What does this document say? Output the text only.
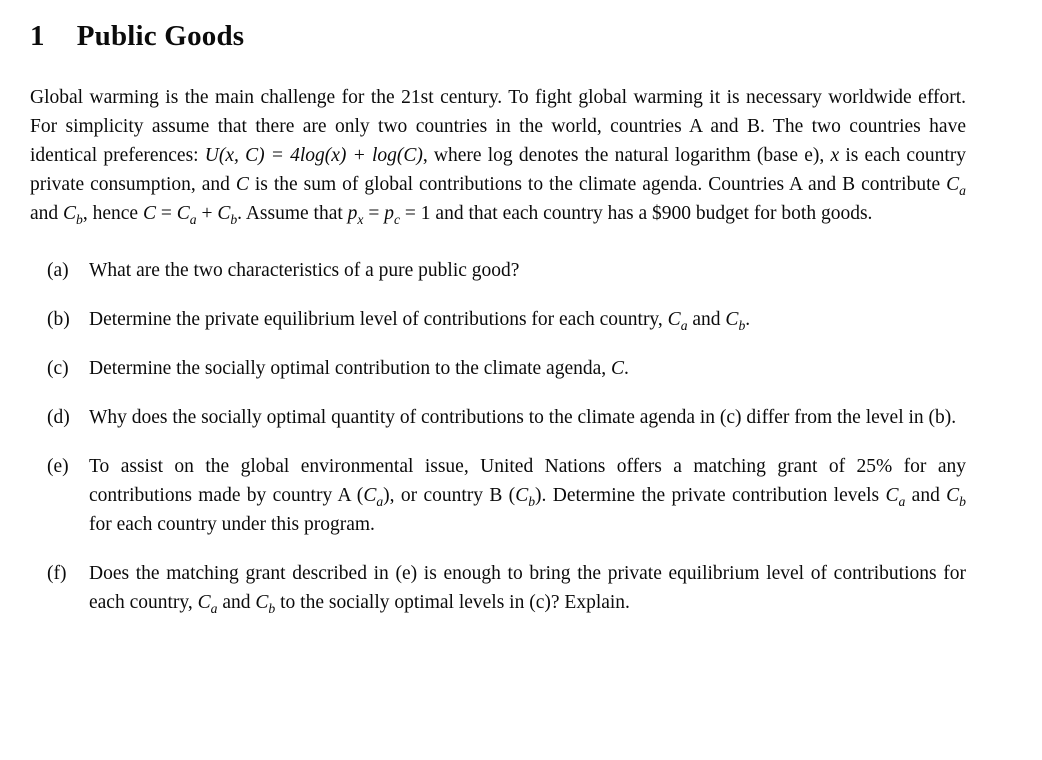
1 Public Goods

Global warming is the main challenge for the 21st century. To fight global warming it is necessary worldwide effort. For simplicity assume that there are only two countries in the world, countries A and B. The two countries have identical preferences: U(x, C) = 4log(x) + log(C), where log denotes the natural logarithm (base e), x is each country private consumption, and C is the sum of global contributions to the climate agenda. Countries A and B contribute $C_a$ and $C_b$, hence $C = C_a + C_b$. Assume that $p_x = p_c = 1$ and that each country has a $900 budget for both goods.

(a) What are the two characteristics of a pure public good?
(b) Determine the private equilibrium level of contributions for each country, $C_a$ and $C_b$.
(c) Determine the socially optimal contribution to the climate agenda, C.
(d) Why does the socially optimal quantity of contributions to the climate agenda in (c) differ from the level in (b).
(e) To assist on the global environmental issue, United Nations offers a matching grant of 25% for any contributions made by country A $(C_a)$, or country B $(C_b)$. Determine the private contribution levels $C_a$ and $C_b$ for each country under this program.
(f) Does the matching grant described in (e) is enough to bring the private equilibrium level of contributions for each country, $C_a$ and $C_b$ to the socially optimal levels in (c)? Explain.
